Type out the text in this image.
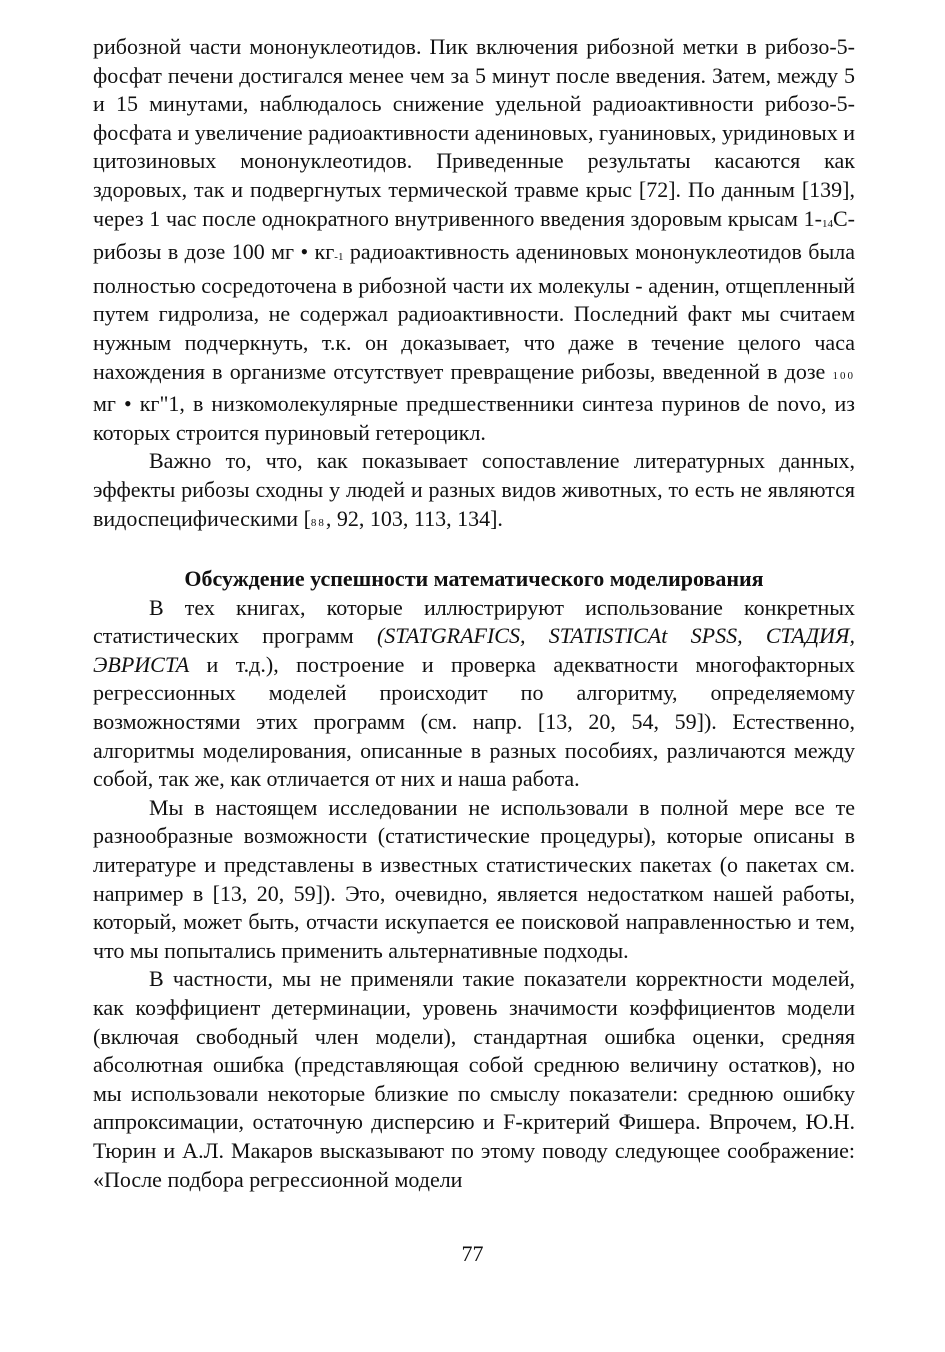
рибозной части мононуклеотидов. Пик включения рибозной метки в рибозо-5-фосфат печени достигался менее чем за 5 минут после введения. Затем, между 5 и 15 минутами, наблюдалось снижение удельной радиоактивности рибозо-5-фосфата и увеличение радиоактивности адениновых, гуаниновых, уридиновых и цитозиновых мононуклеотидов. Приведенные результаты касаются как здоровых, так и подвергнутых термической травме крыс [72]. По данным [139], через 1 час после однократного внутривенного введения здоровым крысам 1-14С-рибозы в дозе 100 мг • кг-1 радиоактивность адениновых мононуклеотидов была полностью сосредоточена в рибозной части их молекулы - аденин, отщепленный путем гидролиза, не содержал радиоактивности. Последний факт мы считаем нужным подчеркнуть, т.к. он доказывает, что даже в течение целого часа нахождения в организме отсутствует превращение рибозы, введенной в дозе 100 мг • кг"1, в низкомолекулярные предшественники синтеза пуринов de novo, из которых строится пуриновый гетероцикл.

Важно то, что, как показывает сопоставление литературных данных, эффекты рибозы сходны у людей и разных видов животных, то есть не являются видоспецифическими [88, 92, 103, 113, 134].

Обсуждение успешности математического моделирования

В тех книгах, которые иллюстрируют использование конкретных статистических программ (STATGRAFICS, STATISTICAt SPSS, СТАДИЯ, ЭВРИСТА и т.д.), построение и проверка адекватности многофакторных регрессионных моделей происходит по алгоритму, определяемому возможностями этих программ (см. напр. [13, 20, 54, 59]). Естественно, алгоритмы моделирования, описанные в разных пособиях, различаются между собой, так же, как отличается от них и наша работа.

Мы в настоящем исследовании не использовали в полной мере все те разнообразные возможности (статистические процедуры), которые описаны в литературе и представлены в известных статистических пакетах (о пакетах см. например в [13, 20, 59]). Это, очевидно, является недостатком нашей работы, который, может быть, отчасти искупается ее поисковой направленностью и тем, что мы попытались применить альтернативные подходы.

В частности, мы не применяли такие показатели корректности моделей, как коэффициент детерминации, уровень значимости коэффициентов модели (включая свободный член модели), стандартная ошибка оценки, средняя абсолютная ошибка (представляющая собой среднюю величину остатков), но мы использовали некоторые близкие по смыслу показатели: среднюю ошибку аппроксимации, остаточную дисперсию и F-критерий Фишера. Впрочем, Ю.Н. Тюрин и А.Л. Макаров высказывают по этому поводу следующее соображение: «После подбора регрессионной модели

77
